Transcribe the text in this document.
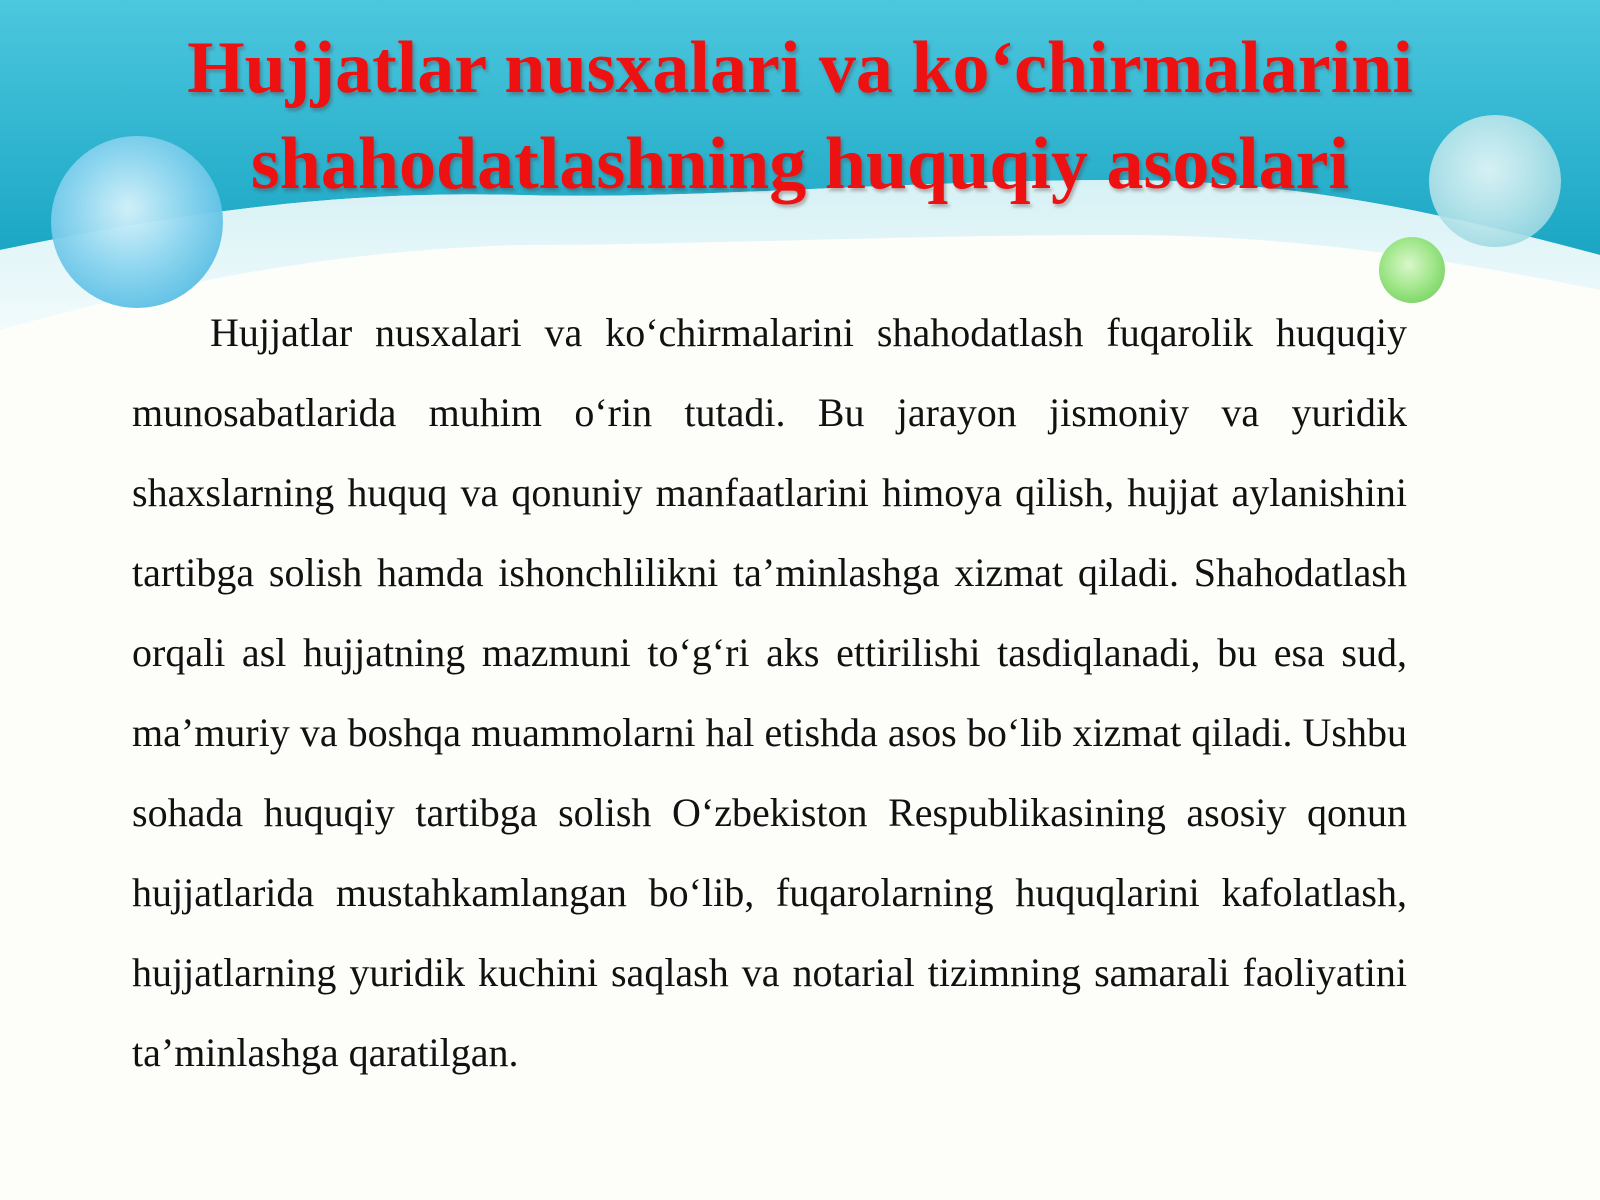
Hujjatlar nusxalari va ko‘chirmalarini shahodatlashning huquqiy asoslari

Hujjatlar nusxalari va ko‘chirmalarini shahodatlash fuqarolik huquqiy munosabatlarida muhim o‘rin tutadi. Bu jarayon jismoniy va yuridik shaxslarning huquq va qonuniy manfaatlarini himoya qilish, hujjat aylanishini tartibga solish hamda ishonchlilikni ta’minlashga xizmat qiladi. Shahodatlash orqali asl hujjatning mazmuni to‘g‘ri aks ettirilishi tasdiqlanadi, bu esa sud, ma’muriy va boshqa muammolarni hal etishda asos bo‘lib xizmat qiladi. Ushbu sohada huquqiy tartibga solish O‘zbekiston Respublikasining asosiy qonun hujjatlarida mustahkamlangan bo‘lib, fuqarolarning huquqlarini kafolatlash, hujjatlarning yuridik kuchini saqlash va notarial tizimning samarali faoliyatini ta’minlashga qaratilgan.
